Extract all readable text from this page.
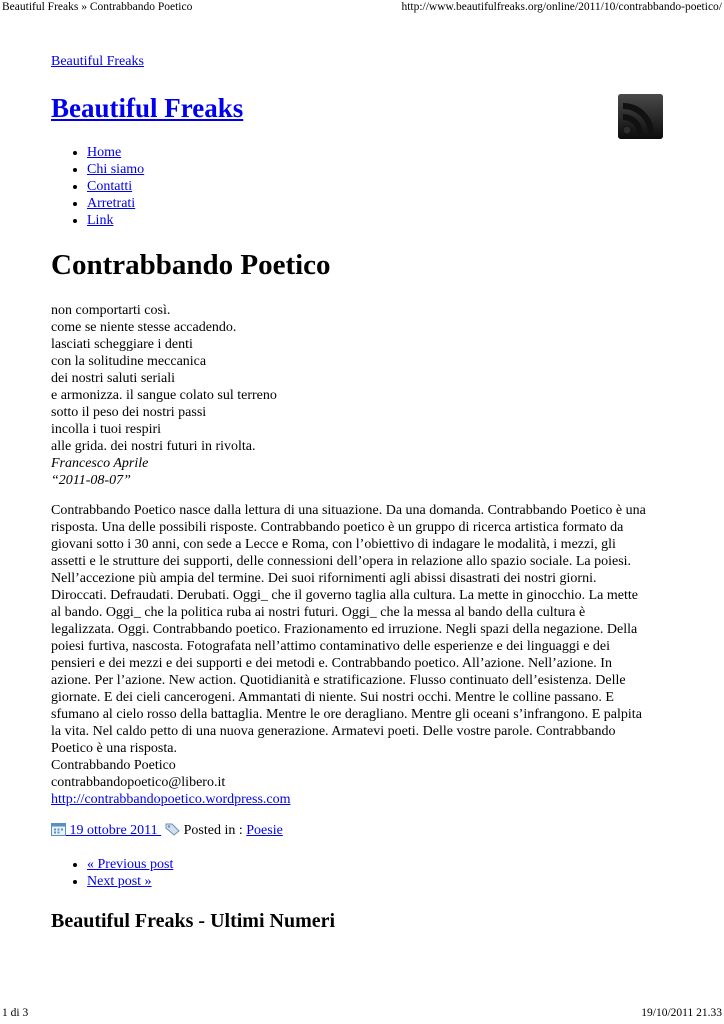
Beautiful Freaks » Contrabbando Poetico	http://www.beautifulfreaks.org/online/2011/10/contrabbando-poetico/
Beautiful Freaks
Beautiful Freaks
• Home
• Chi siamo
• Contatti
• Arretrati
• Link
Contrabbando Poetico
non comportarti così.
come se niente stesse accadendo.
lasciati scheggiare i denti
con la solitudine meccanica
dei nostri saluti seriali
e armonizza. il sangue colato sul terreno
sotto il peso dei nostri passi
incolla i tuoi respiri
alle grida. dei nostri futuri in rivolta.
Francesco Aprile
“2011-08-07”

Contrabbando Poetico nasce dalla lettura di una situazione. Da una domanda. Contrabbando Poetico è una risposta. Una delle possibili risposte. Contrabbando poetico è un gruppo di ricerca artistica formato da giovani sotto i 30 anni, con sede a Lecce e Roma, con l’obiettivo di indagare le modalità, i mezzi, gli assetti e le strutture dei supporti, delle connessioni dell’opera in relazione allo spazio sociale. La poiesi. Nell’accezione più ampia del termine. Dei suoi rifornimenti agli abissi disastrati dei nostri giorni. Diroccati. Defraudati. Derubati. Oggi_ che il governo taglia alla cultura. La mette in ginocchio. La mette al bando. Oggi_ che la politica ruba ai nostri futuri. Oggi_ che la messa al bando della cultura è legalizzata. Oggi. Contrabbando poetico. Frazionamento ed irruzione. Negli spazi della negazione. Della poiesi furtiva, nascosta. Fotografata nell’attimo contaminativo delle esperienze e dei linguaggi e dei pensieri e dei mezzi e dei supporti e dei metodi e. Contrabbando poetico. All’azione. Nell’azione. In azione. Per l’azione. New action. Quotidianità e stratificazione. Flusso continuato dell’esistenza. Delle giornate. E dei cieli cancerogeni. Ammantati di niente. Sui nostri occhi. Mentre le colline passano. E sfumano al cielo rosso della battaglia. Mentre le ore deragliano. Mentre gli oceani s’infrangono. E palpita la vita. Nel caldo petto di una nuova generazione. Armatevi poeti. Delle vostre parole. Contrabbando Poetico è una risposta.

Contrabbando Poetico
contrabbandopoetico@libero.it
http://contrabbandopoetico.wordpress.com
19 ottobre 2011  Posted in : Poesie
• « Previous post
• Next post »
Beautiful Freaks - Ultimi Numeri
1 di 3	19/10/2011 21.33
